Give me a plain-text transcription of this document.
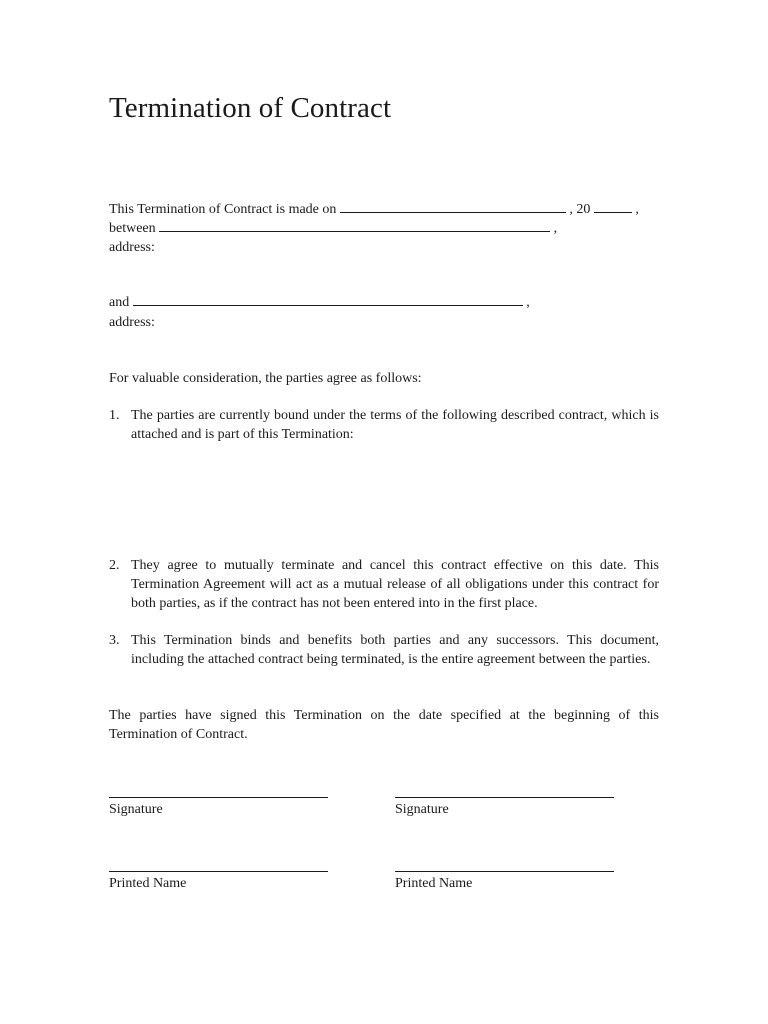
Termination of Contract
This Termination of Contract is made on	, 20	,
between	,
address:
and	,
address:
For valuable consideration, the parties agree as follows:
1. The parties are currently bound under the terms of the following described contract, which is attached and is part of this Termination:
2. They agree to mutually terminate and cancel this contract effective on this date. This Termination Agreement will act as a mutual release of all obligations under this contract for both parties, as if the contract has not been entered into in the first place.
3. This Termination binds and benefits both parties and any successors. This document, including the attached contract being terminated, is the entire agreement between the parties.

The parties have signed this Termination on the date specified at the beginning of this Termination of Contract.

Signature	Signature
Printed Name	Printed Name
